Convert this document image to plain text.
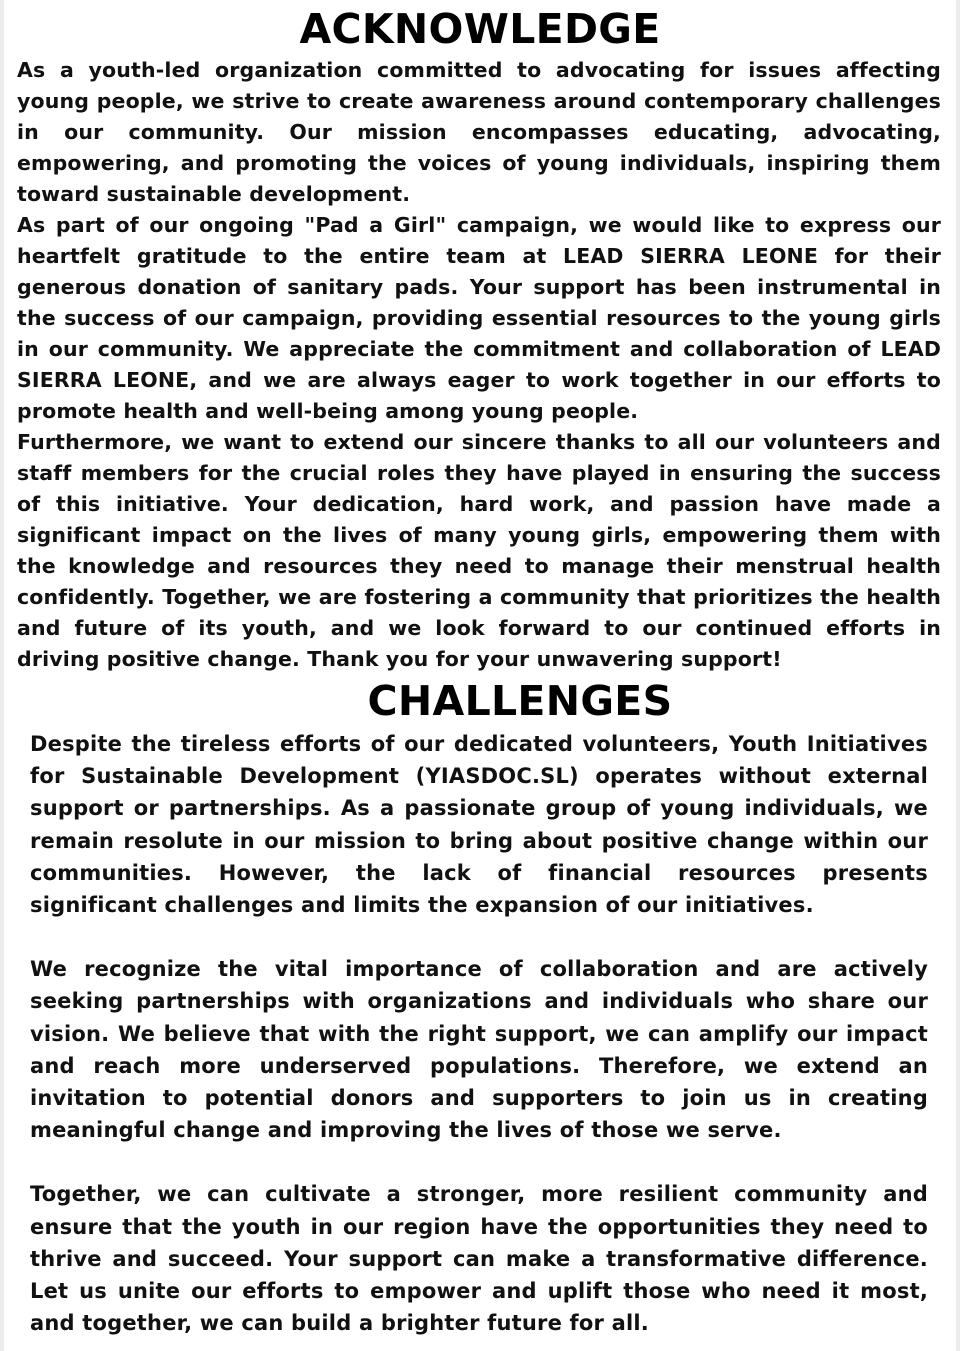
ACKNOWLEDGE

As a youth-led organization committed to advocating for issues affecting young people, we strive to create awareness around contemporary challenges in our community. Our mission encompasses educating, advocating, empowering, and promoting the voices of young individuals, inspiring them toward sustainable development.

As part of our ongoing "Pad a Girl" campaign, we would like to express our heartfelt gratitude to the entire team at LEAD SIERRA LEONE for their generous donation of sanitary pads. Your support has been instrumental in the success of our campaign, providing essential resources to the young girls in our community. We appreciate the commitment and collaboration of LEAD SIERRA LEONE, and we are always eager to work together in our efforts to promote health and well-being among young people.

Furthermore, we want to extend our sincere thanks to all our volunteers and staff members for the crucial roles they have played in ensuring the success of this initiative. Your dedication, hard work, and passion have made a significant impact on the lives of many young girls, empowering them with the knowledge and resources they need to manage their menstrual health confidently. Together, we are fostering a community that prioritizes the health and future of its youth, and we look forward to our continued efforts in driving positive change. Thank you for your unwavering support!

CHALLENGES

Despite the tireless efforts of our dedicated volunteers, Youth Initiatives for Sustainable Development (YIASDOC.SL) operates without external support or partnerships. As a passionate group of young individuals, we remain resolute in our mission to bring about positive change within our communities. However, the lack of financial resources presents significant challenges and limits the expansion of our initiatives.

We recognize the vital importance of collaboration and are actively seeking partnerships with organizations and individuals who share our vision. We believe that with the right support, we can amplify our impact and reach more underserved populations. Therefore, we extend an invitation to potential donors and supporters to join us in creating meaningful change and improving the lives of those we serve.

Together, we can cultivate a stronger, more resilient community and ensure that the youth in our region have the opportunities they need to thrive and succeed. Your support can make a transformative difference. Let us unite our efforts to empower and uplift those who need it most, and together, we can build a brighter future for all.
